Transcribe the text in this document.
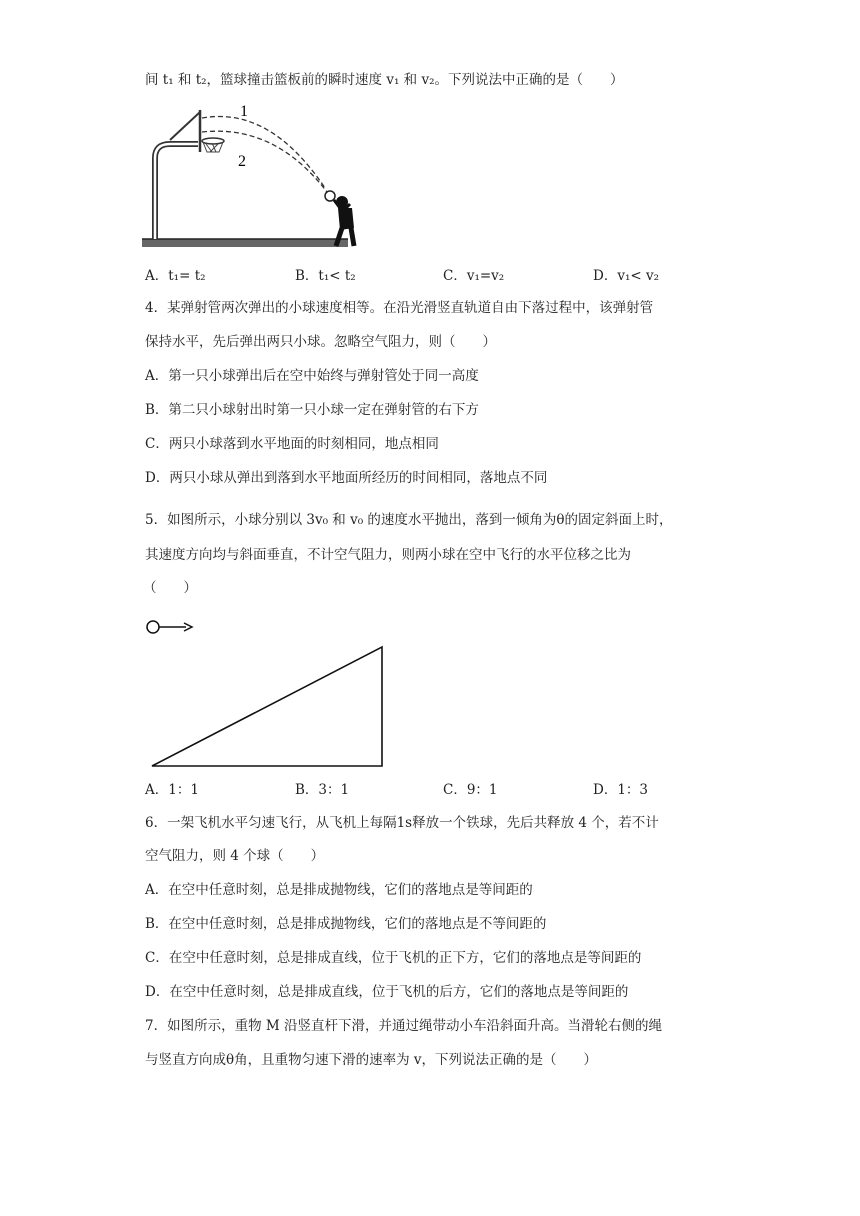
间 t₁ 和 t₂，篮球撞击篮板前的瞬时速度 v₁ 和 v₂。下列说法中正确的是（　　）
1
2
A．t₁= t₂	B．t₁< t₂	C．v₁=v₂	D．v₁< v₂
4．某弹射管两次弹出的小球速度相等。在沿光滑竖直轨道自由下落过程中，该弹射管
保持水平，先后弹出两只小球。忽略空气阻力，则（　　）
A．第一只小球弹出后在空中始终与弹射管处于同一高度
B．第二只小球射出时第一只小球一定在弹射管的右下方
C．两只小球落到水平地面的时刻相同，地点相同
D．两只小球从弹出到落到水平地面所经历的时间相同，落地点不同
5．如图所示，小球分别以 3v₀ 和 v₀ 的速度水平抛出，落到一倾角为θ的固定斜面上时，
其速度方向均与斜面垂直，不计空气阻力，则两小球在空中飞行的水平位移之比为
（　　）
A．1：1	B．3：1	C．9：1	D．1：3
6．一架飞机水平匀速飞行，从飞机上每隔1s释放一个铁球，先后共释放 4 个，若不计
空气阻力，则 4 个球（　　）
A．在空中任意时刻，总是排成抛物线，它们的落地点是等间距的
B．在空中任意时刻，总是排成抛物线，它们的落地点是不等间距的
C．在空中任意时刻，总是排成直线，位于飞机的正下方，它们的落地点是等间距的
D．在空中任意时刻，总是排成直线，位于飞机的后方，它们的落地点是等间距的
7．如图所示，重物 M 沿竖直杆下滑，并通过绳带动小车沿斜面升高。当滑轮右侧的绳
与竖直方向成θ角，且重物匀速下滑的速率为 v，下列说法正确的是（　　）
